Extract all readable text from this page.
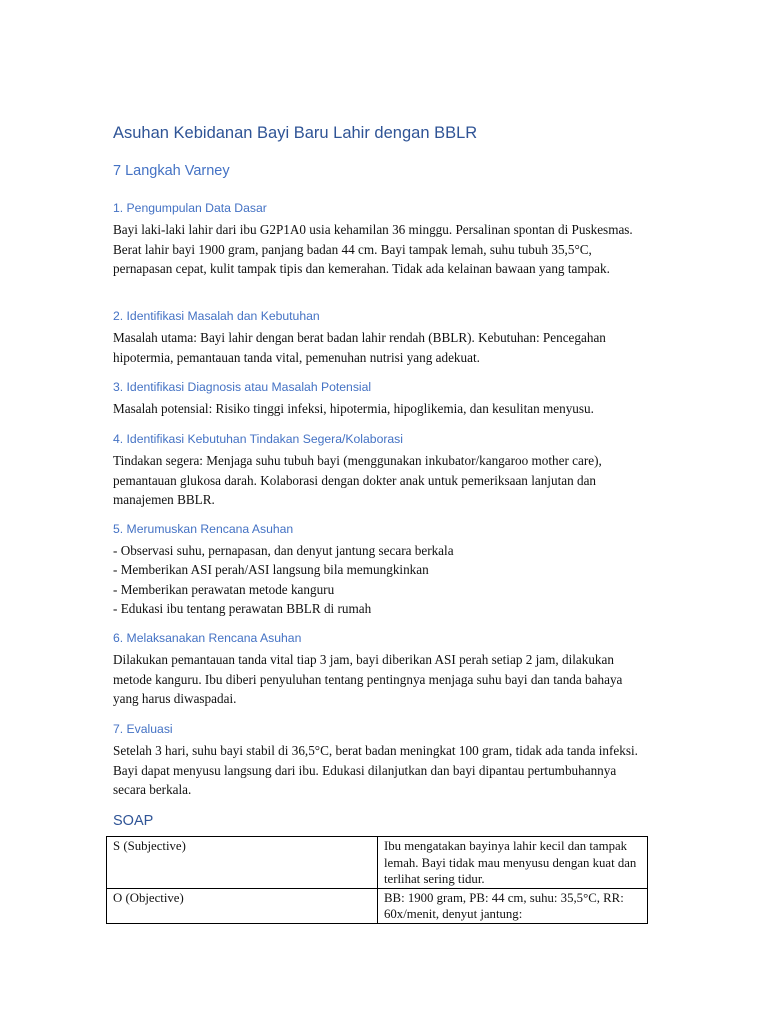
Asuhan Kebidanan Bayi Baru Lahir dengan BBLR
7 Langkah Varney
1. Pengumpulan Data Dasar

Bayi laki-laki lahir dari ibu G2P1A0 usia kehamilan 36 minggu. Persalinan spontan di Puskesmas. Berat lahir bayi 1900 gram, panjang badan 44 cm. Bayi tampak lemah, suhu tubuh 35,5°C, pernapasan cepat, kulit tampak tipis dan kemerahan. Tidak ada kelainan bawaan yang tampak.

2. Identifikasi Masalah dan Kebutuhan

Masalah utama: Bayi lahir dengan berat badan lahir rendah (BBLR). Kebutuhan: Pencegahan hipotermia, pemantauan tanda vital, pemenuhan nutrisi yang adekuat.

3. Identifikasi Diagnosis atau Masalah Potensial

Masalah potensial: Risiko tinggi infeksi, hipotermia, hipoglikemia, dan kesulitan menyusu.

4. Identifikasi Kebutuhan Tindakan Segera/Kolaborasi

Tindakan segera: Menjaga suhu tubuh bayi (menggunakan inkubator/kangaroo mother care), pemantauan glukosa darah. Kolaborasi dengan dokter anak untuk pemeriksaan lanjutan dan manajemen BBLR.

5. Merumuskan Rencana Asuhan
- Observasi suhu, pernapasan, dan denyut jantung secara berkala
- Memberikan ASI perah/ASI langsung bila memungkinkan
- Memberikan perawatan metode kanguru
- Edukasi ibu tentang perawatan BBLR di rumah
6. Melaksanakan Rencana Asuhan

Dilakukan pemantauan tanda vital tiap 3 jam, bayi diberikan ASI perah setiap 2 jam, dilakukan metode kanguru. Ibu diberi penyuluhan tentang pentingnya menjaga suhu bayi dan tanda bahaya yang harus diwaspadai.

7. Evaluasi

Setelah 3 hari, suhu bayi stabil di 36,5°C, berat badan meningkat 100 gram, tidak ada tanda infeksi. Bayi dapat menyusu langsung dari ibu. Edukasi dilanjutkan dan bayi dipantau pertumbuhannya secara berkala.

SOAP
S (Subjective)	Ibu mengatakan bayinya lahir kecil dan tampak lemah. Bayi tidak mau menyusu dengan kuat dan terlihat sering tidur.
O (Objective)	BB: 1900 gram, PB: 44 cm, suhu: 35,5°C, RR: 60x/menit, denyut jantung:
